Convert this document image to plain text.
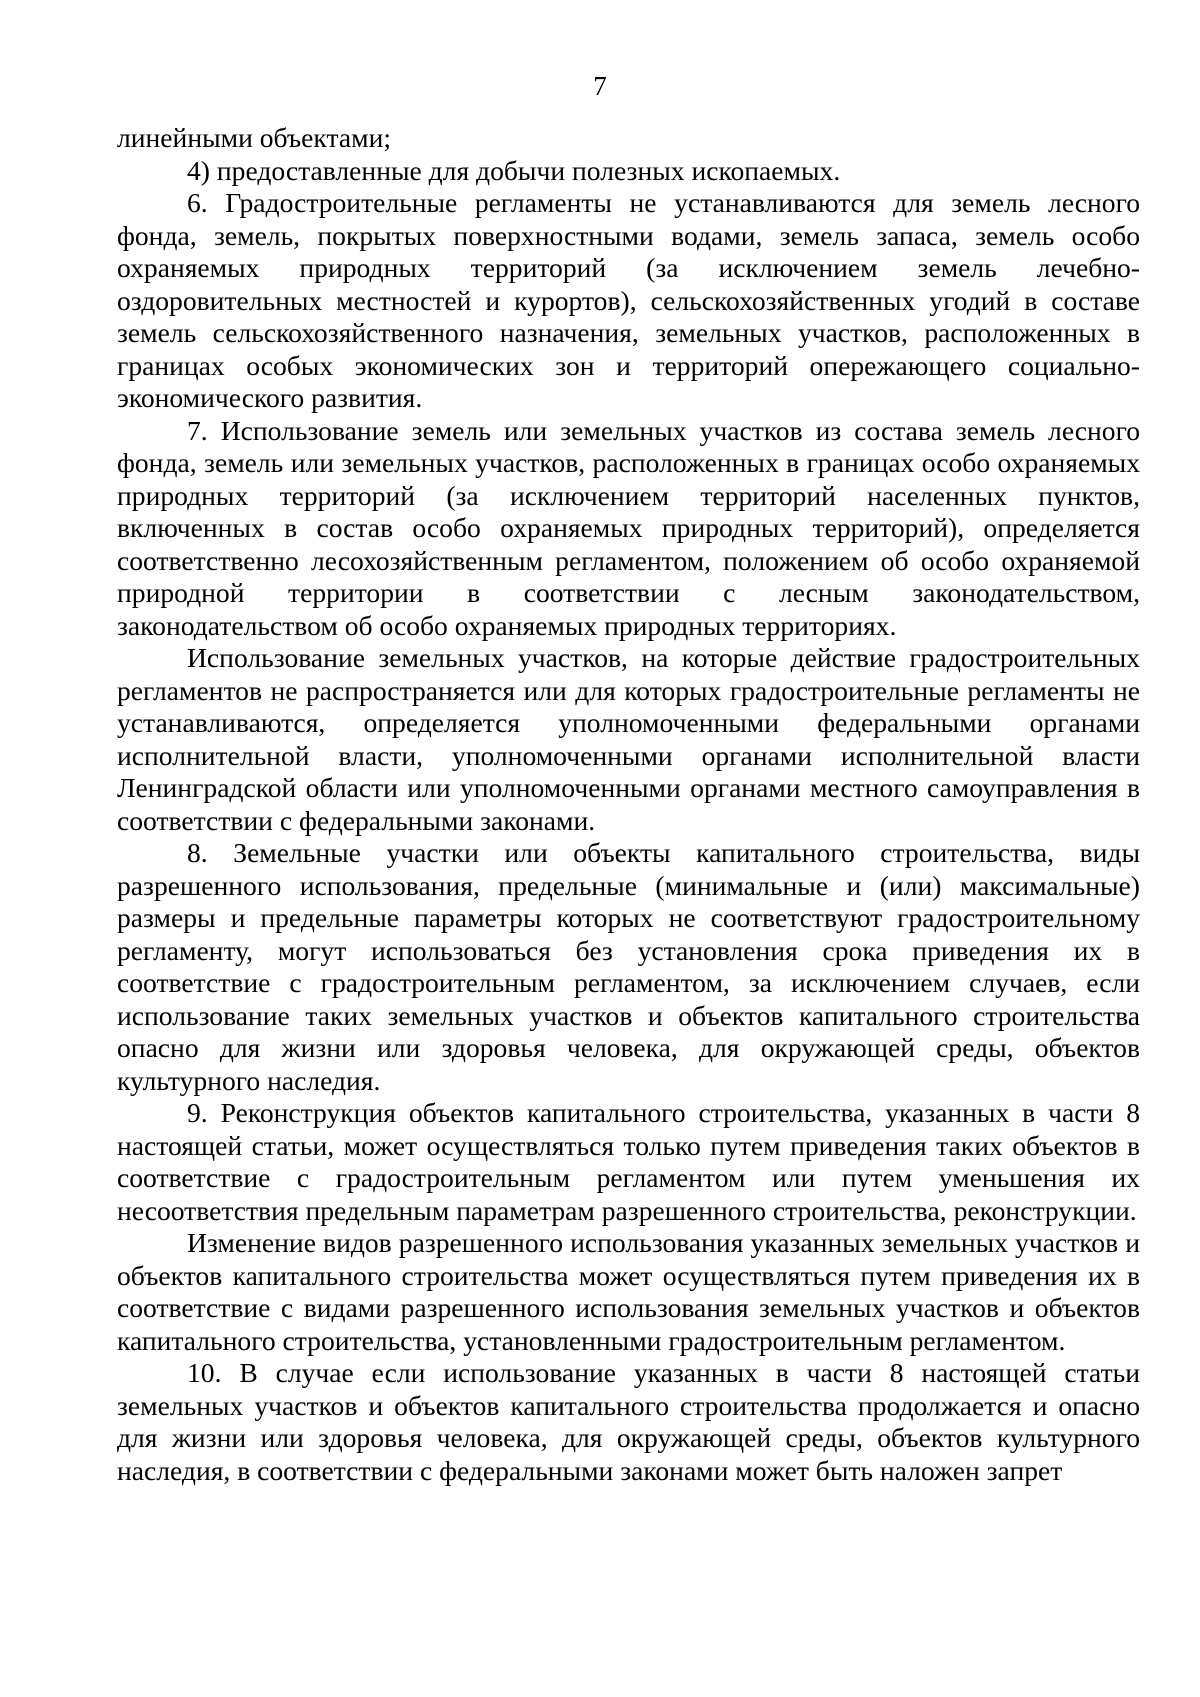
7

линейными объектами;

4) предоставленные для добычи полезных ископаемых.

6. Градостроительные регламенты не устанавливаются для земель лесного фонда, земель, покрытых поверхностными водами, земель запаса, земель особо охраняемых природных территорий (за исключением земель лечебно-оздоровительных местностей и курортов), сельскохозяйственных угодий в составе земель сельскохозяйственного назначения, земельных участков, расположенных в границах особых экономических зон и территорий опережающего социально-экономического развития.

7. Использование земель или земельных участков из состава земель лесного фонда, земель или земельных участков, расположенных в границах особо охраняемых природных территорий (за исключением территорий населенных пунктов, включенных в состав особо охраняемых природных территорий), определяется соответственно лесохозяйственным регламентом, положением об особо охраняемой природной территории в соответствии с лесным законодательством, законодательством об особо охраняемых природных территориях.

Использование земельных участков, на которые действие градостроительных регламентов не распространяется или для которых градостроительные регламенты не устанавливаются, определяется уполномоченными федеральными органами исполнительной власти, уполномоченными органами исполнительной власти Ленинградской области или уполномоченными органами местного самоуправления в соответствии с федеральными законами.

8. Земельные участки или объекты капитального строительства, виды разрешенного использования, предельные (минимальные и (или) максимальные) размеры и предельные параметры которых не соответствуют градостроительному регламенту, могут использоваться без установления срока приведения их в соответствие с градостроительным регламентом, за исключением случаев, если использование таких земельных участков и объектов капитального строительства опасно для жизни или здоровья человека, для окружающей среды, объектов культурного наследия.

9. Реконструкция объектов капитального строительства, указанных в части 8 настоящей статьи, может осуществляться только путем приведения таких объектов в соответствие с градостроительным регламентом или путем уменьшения их несоответствия предельным параметрам разрешенного строительства, реконструкции.

Изменение видов разрешенного использования указанных земельных участков и объектов капитального строительства может осуществляться путем приведения их в соответствие с видами разрешенного использования земельных участков и объектов капитального строительства, установленными градостроительным регламентом.

10. В случае если использование указанных в части 8 настоящей статьи земельных участков и объектов капитального строительства продолжается и опасно для жизни или здоровья человека, для окружающей среды, объектов культурного наследия, в соответствии с федеральными законами может быть наложен запрет
